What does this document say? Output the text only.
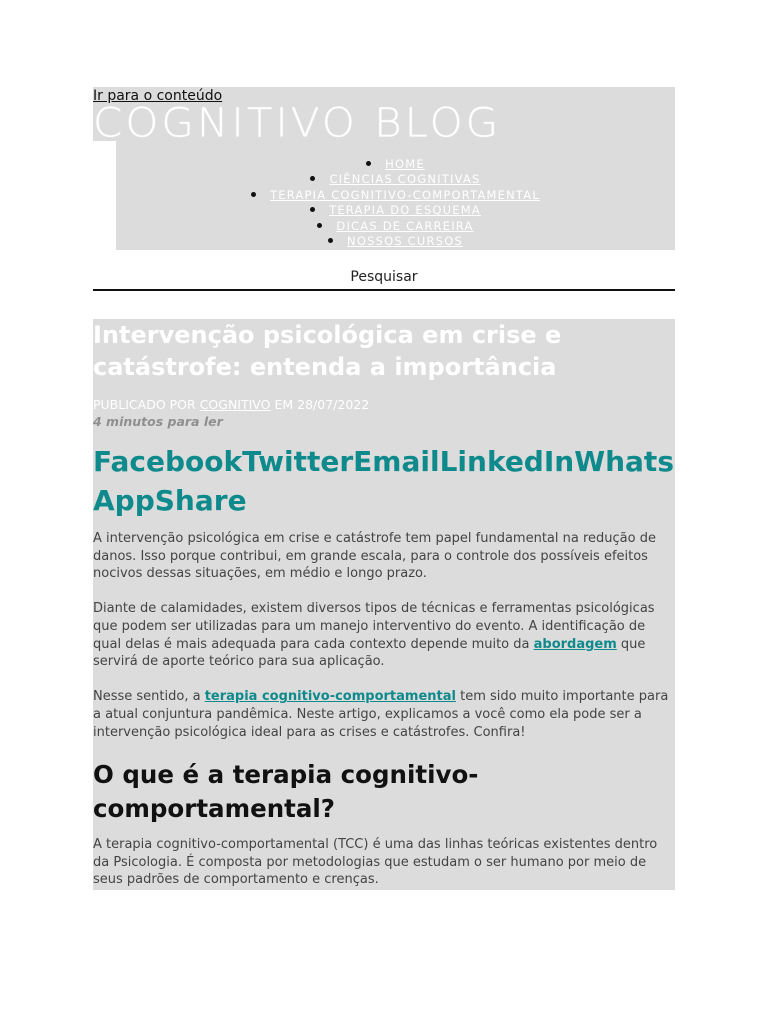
Ir para o conteúdo
COGNITIVO BLOG
HOME
CIÊNCIAS COGNITIVAS
TERAPIA COGNITIVO-COMPORTAMENTAL
TERAPIA DO ESQUEMA
DICAS DE CARREIRA
NOSSOS CURSOS
Pesquisar
Intervenção psicológica em crise e catástrofe: entenda a importância
PUBLICADO POR COGNITIVO EM 28/07/2022
4 minutos para ler
FacebookTwitterEmailLinkedInWhatsAppShare

A intervenção psicológica em crise e catástrofe tem papel fundamental na redução de danos. Isso porque contribui, em grande escala, para o controle dos possíveis efeitos nocivos dessas situações, em médio e longo prazo.

Diante de calamidades, existem diversos tipos de técnicas e ferramentas psicológicas que podem ser utilizadas para um manejo interventivo do evento. A identificação de qual delas é mais adequada para cada contexto depende muito da abordagem que servirá de aporte teórico para sua aplicação.

Nesse sentido, a terapia cognitivo-comportamental tem sido muito importante para a atual conjuntura pandêmica. Neste artigo, explicamos a você como ela pode ser a intervenção psicológica ideal para as crises e catástrofes. Confira!

O que é a terapia cognitivo-comportamental?

A terapia cognitivo-comportamental (TCC) é uma das linhas teóricas existentes dentro da Psicologia. É composta por metodologias que estudam o ser humano por meio de seus padrões de comportamento e crenças.
